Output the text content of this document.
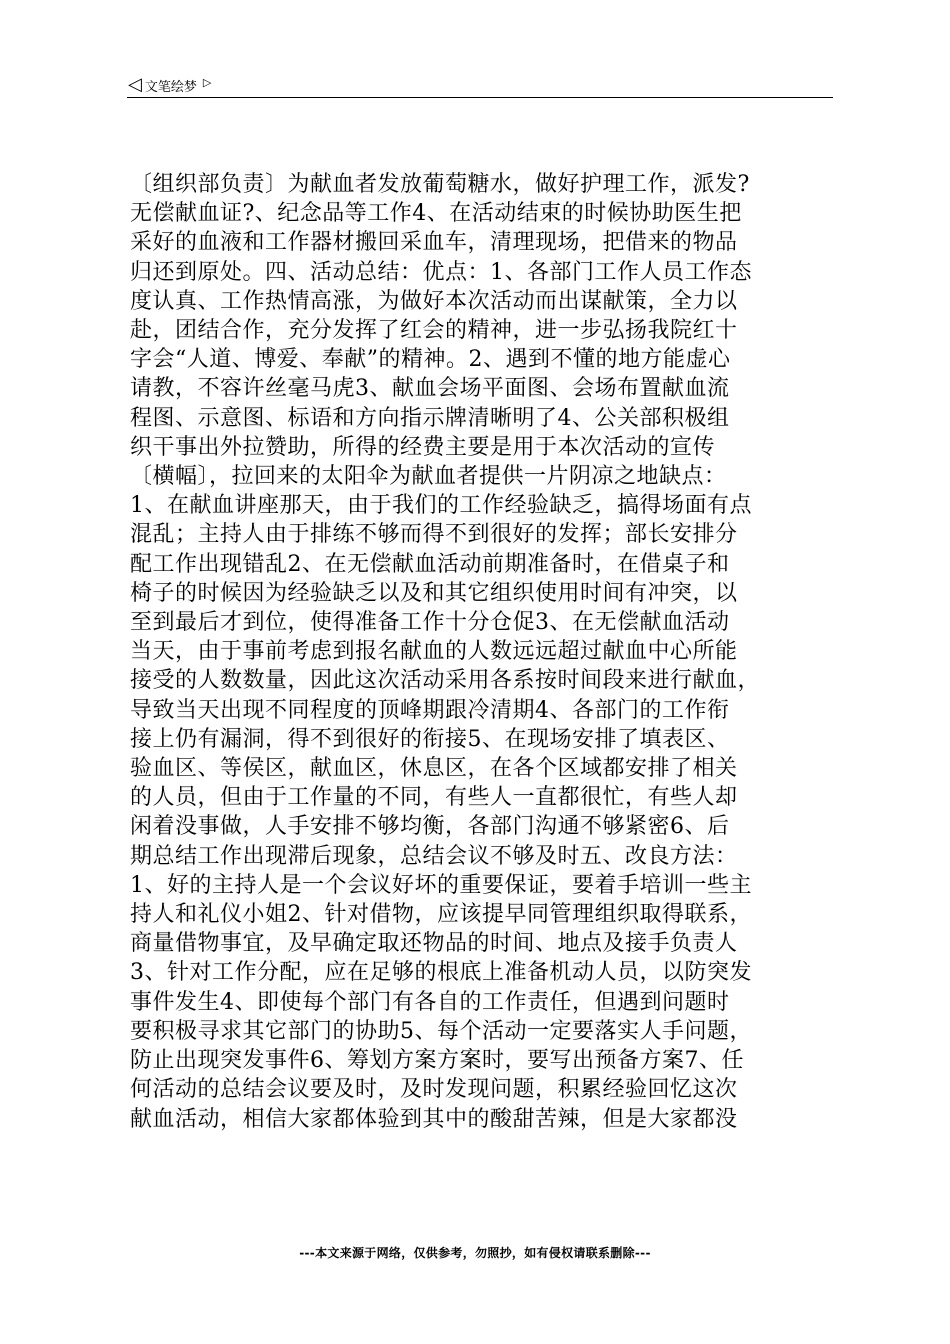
◁ 文笔绘梦 ▷
〔组织部负责〕为献血者发放葡萄糖水，做好护理工作，派发?
无偿献血证?、纪念品等工作4、在活动结束的时候协助医生把
采好的血液和工作器材搬回采血车，清理现场，把借来的物品
归还到原处。四、活动总结：优点：1、各部门工作人员工作态
度认真、工作热情高涨，为做好本次活动而出谋献策，全力以
赴，团结合作，充分发挥了红会的精神，进一步弘扬我院红十
字会“人道、博爱、奉献”的精神。2、遇到不懂的地方能虚心
请教，不容许丝毫马虎3、献血会场平面图、会场布置献血流
程图、示意图、标语和方向指示牌清晰明了4、公关部积极组
织干事出外拉赞助，所得的经费主要是用于本次活动的宣传
〔横幅〕，拉回来的太阳伞为献血者提供一片阴凉之地缺点：
1、在献血讲座那天，由于我们的工作经验缺乏，搞得场面有点
混乱；主持人由于排练不够而得不到很好的发挥；部长安排分
配工作出现错乱2、在无偿献血活动前期准备时，在借桌子和
椅子的时候因为经验缺乏以及和其它组织使用时间有冲突，以
至到最后才到位，使得准备工作十分仓促3、在无偿献血活动
当天，由于事前考虑到报名献血的人数远远超过献血中心所能
接受的人数数量，因此这次活动采用各系按时间段来进行献血，
导致当天出现不同程度的顶峰期跟冷清期4、各部门的工作衔
接上仍有漏洞，得不到很好的衔接5、在现场安排了填表区、
验血区、等侯区，献血区，休息区，在各个区域都安排了相关
的人员，但由于工作量的不同，有些人一直都很忙，有些人却
闲着没事做，人手安排不够均衡，各部门沟通不够紧密6、后
期总结工作出现滞后现象，总结会议不够及时五、改良方法：
1、好的主持人是一个会议好坏的重要保证，要着手培训一些主
持人和礼仪小姐2、针对借物，应该提早同管理组织取得联系，
商量借物事宜，及早确定取还物品的时间、地点及接手负责人
3、针对工作分配，应在足够的根底上准备机动人员，以防突发
事件发生4、即使每个部门有各自的工作责任，但遇到问题时
要积极寻求其它部门的协助5、每个活动一定要落实人手问题，
防止出现突发事件6、筹划方案方案时，要写出预备方案7、任
何活动的总结会议要及时，及时发现问题，积累经验回忆这次
献血活动，相信大家都体验到其中的酸甜苦辣，但是大家都没
---本文来源于网络，仅供参考，勿照抄，如有侵权请联系删除---
